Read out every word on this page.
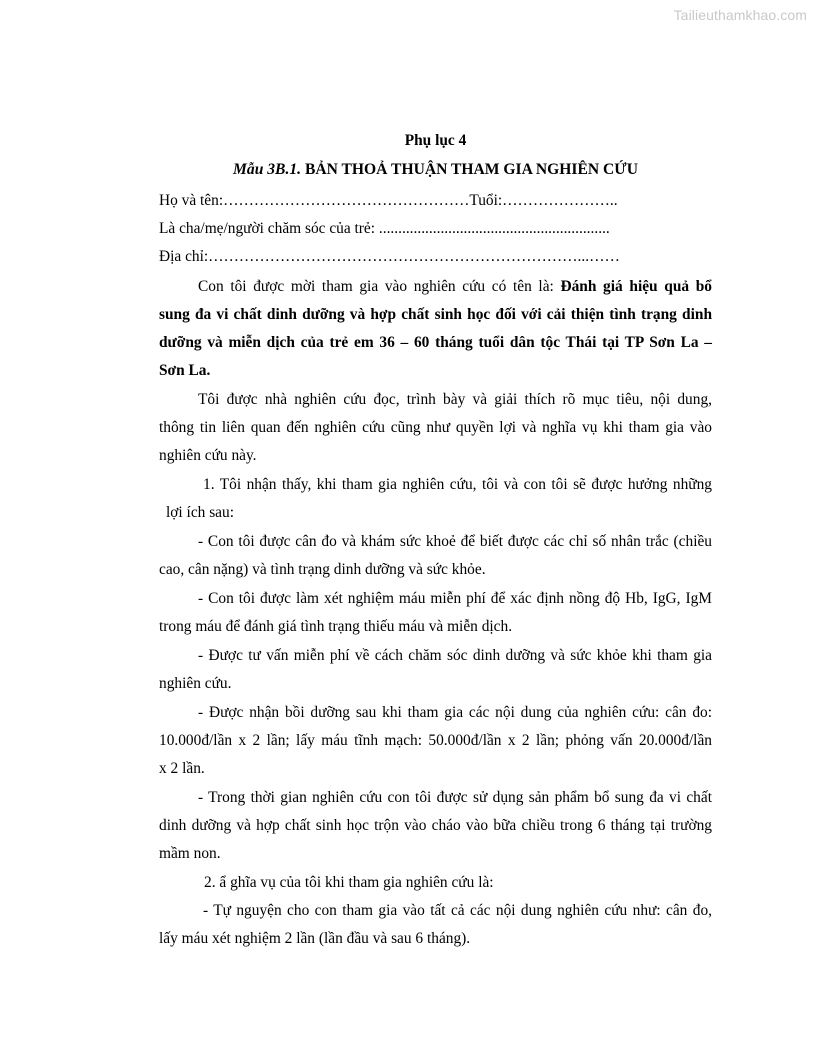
Tailieuthamkhao.com
Phụ lục 4
Mẫu 3B.1. BẢN THOẢ THUẬN THAM GIA NGHIÊN CỨU
Họ và tên:…………………………………………Tuổi:…………………..
Là cha/mẹ/người chăm sóc của trẻ: ............................................................
Địa chỉ:………………………………………………………………...……
Con tôi được mời tham gia vào nghiên cứu có tên là: Đánh giá hiệu quả bổ
sung đa vi chất dinh dưỡng và hợp chất sinh học đối với cải thiện tình trạng dinh
dưỡng và miễn dịch của trẻ em 36 – 60 tháng tuổi dân tộc Thái tại TP Sơn La –
Sơn La.
Tôi được nhà nghiên cứu đọc, trình bày và giải thích rõ mục tiêu, nội dung,
thông tin liên quan đến nghiên cứu cũng như quyền lợi và nghĩa vụ khi tham gia vào
nghiên cứu này.
1. Tôi nhận thấy, khi tham gia nghiên cứu, tôi và con tôi sẽ được hưởng những
lợi ích sau:
- Con tôi được cân đo và khám sức khoẻ để biết được các chỉ số nhân trắc (chiều
cao, cân nặng) và tình trạng dinh dưỡng và sức khỏe.
- Con tôi được làm xét nghiệm máu miễn phí để xác định nồng độ Hb, IgG, IgM
trong máu để đánh giá tình trạng thiếu máu và miễn dịch.
- Được tư vấn miễn phí về cách chăm sóc dinh dưỡng và sức khỏe khi tham gia
nghiên cứu.
- Được nhận bồi dưỡng sau khi tham gia các nội dung của nghiên cứu: cân đo:
10.000đ/lần x 2 lần; lấy máu tĩnh mạch: 50.000đ/lần x 2 lần; phỏng vấn 20.000đ/lần
x 2 lần.
- Trong thời gian nghiên cứu con tôi được sử dụng sản phẩm bổ sung đa vi chất
dinh dưỡng và hợp chất sinh học trộn vào cháo vào bữa chiều trong 6 tháng tại trường
mầm non.
2. ẩ ghĩa vụ của tôi khi tham gia nghiên cứu là:
- Tự nguyện cho con tham gia vào tất cả các nội dung nghiên cứu như: cân đo,
lấy máu xét nghiệm 2 lần (lần đầu và sau 6 tháng).
